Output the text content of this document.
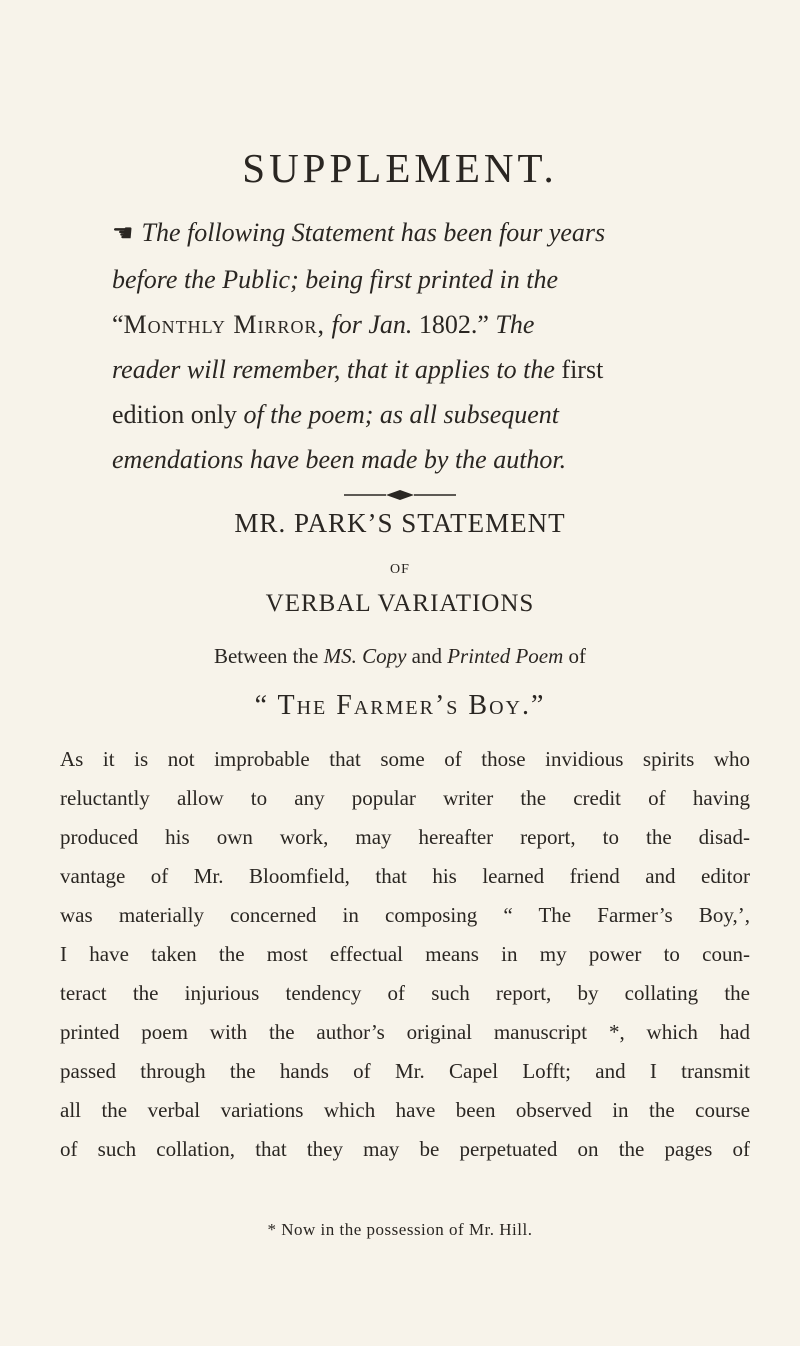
SUPPLEMENT.
☛ The following Statement has been four years
before the Public; being first printed in the
“Monthly Mirror, for Jan. 1802.” The
reader will remember, that it applies to the first
edition only of the poem; as all subsequent
emendations have been made by the author.
MR. PARK’S STATEMENT
OF
VERBAL VARIATIONS
Between the MS. Copy and Printed Poem of
“ The Farmer’s Boy.”
As it is not improbable that some of those invidious spirits who
reluctantly allow to any popular writer the credit of having
produced his own work, may hereafter report, to the disad-
vantage of Mr. Bloomfield, that his learned friend and editor
was materially concerned in composing “ The Farmer’s Boy,’,
I have taken the most effectual means in my power to coun-
teract the injurious tendency of such report, by collating the
printed poem with the author’s original manuscript *, which had
passed through the hands of Mr. Capel Lofft; and I transmit
all the verbal variations which have been observed in the course
of such collation, that they may be perpetuated on the pages of
* Now in the possession of Mr. Hill.
